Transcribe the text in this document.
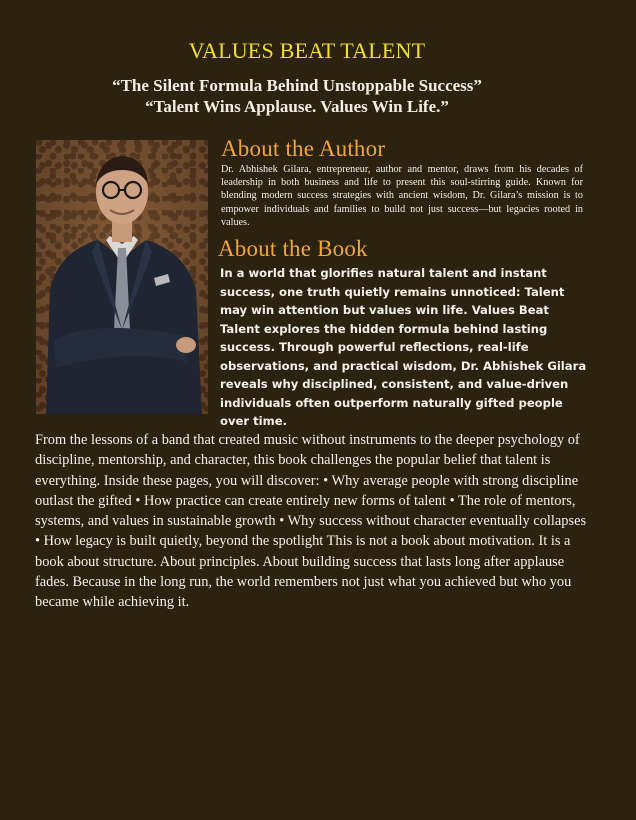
VALUES BEAT TALENT
“The Silent Formula Behind Unstoppable Success”
“Talent Wins Applause. Values Win Life.”
About the Author
Dr. Abhishek Gilara, entrepreneur, author and mentor, draws from his decades of leadership in both business and life to present this soul-stirring guide. Known for blending modern success strategies with ancient wisdom, Dr. Gilara’s mission is to empower individuals and families to build not just success—but legacies rooted in values.
About the Book
In a world that glorifies natural talent and instant success, one truth quietly remains unnoticed: Talent may win attention but values win life. Values Beat Talent explores the hidden formula behind lasting success. Through powerful reflections, real-life observations, and practical wisdom, Dr. Abhishek Gilara reveals why disciplined, consistent, and value-driven individuals often outperform naturally gifted people over time.
From the lessons of a band that created music without instruments to the deeper psychology of discipline, mentorship, and character, this book challenges the popular belief that talent is everything. Inside these pages, you will discover: • Why average people with strong discipline outlast the gifted • How practice can create entirely new forms of talent • The role of mentors, systems, and values in sustainable growth • Why success without character eventually collapses • How legacy is built quietly, beyond the spotlight This is not a book about motivation. It is a book about structure. About principles. About building success that lasts long after applause fades. Because in the long run, the world remembers not just what you achieved but who you became while achieving it.
